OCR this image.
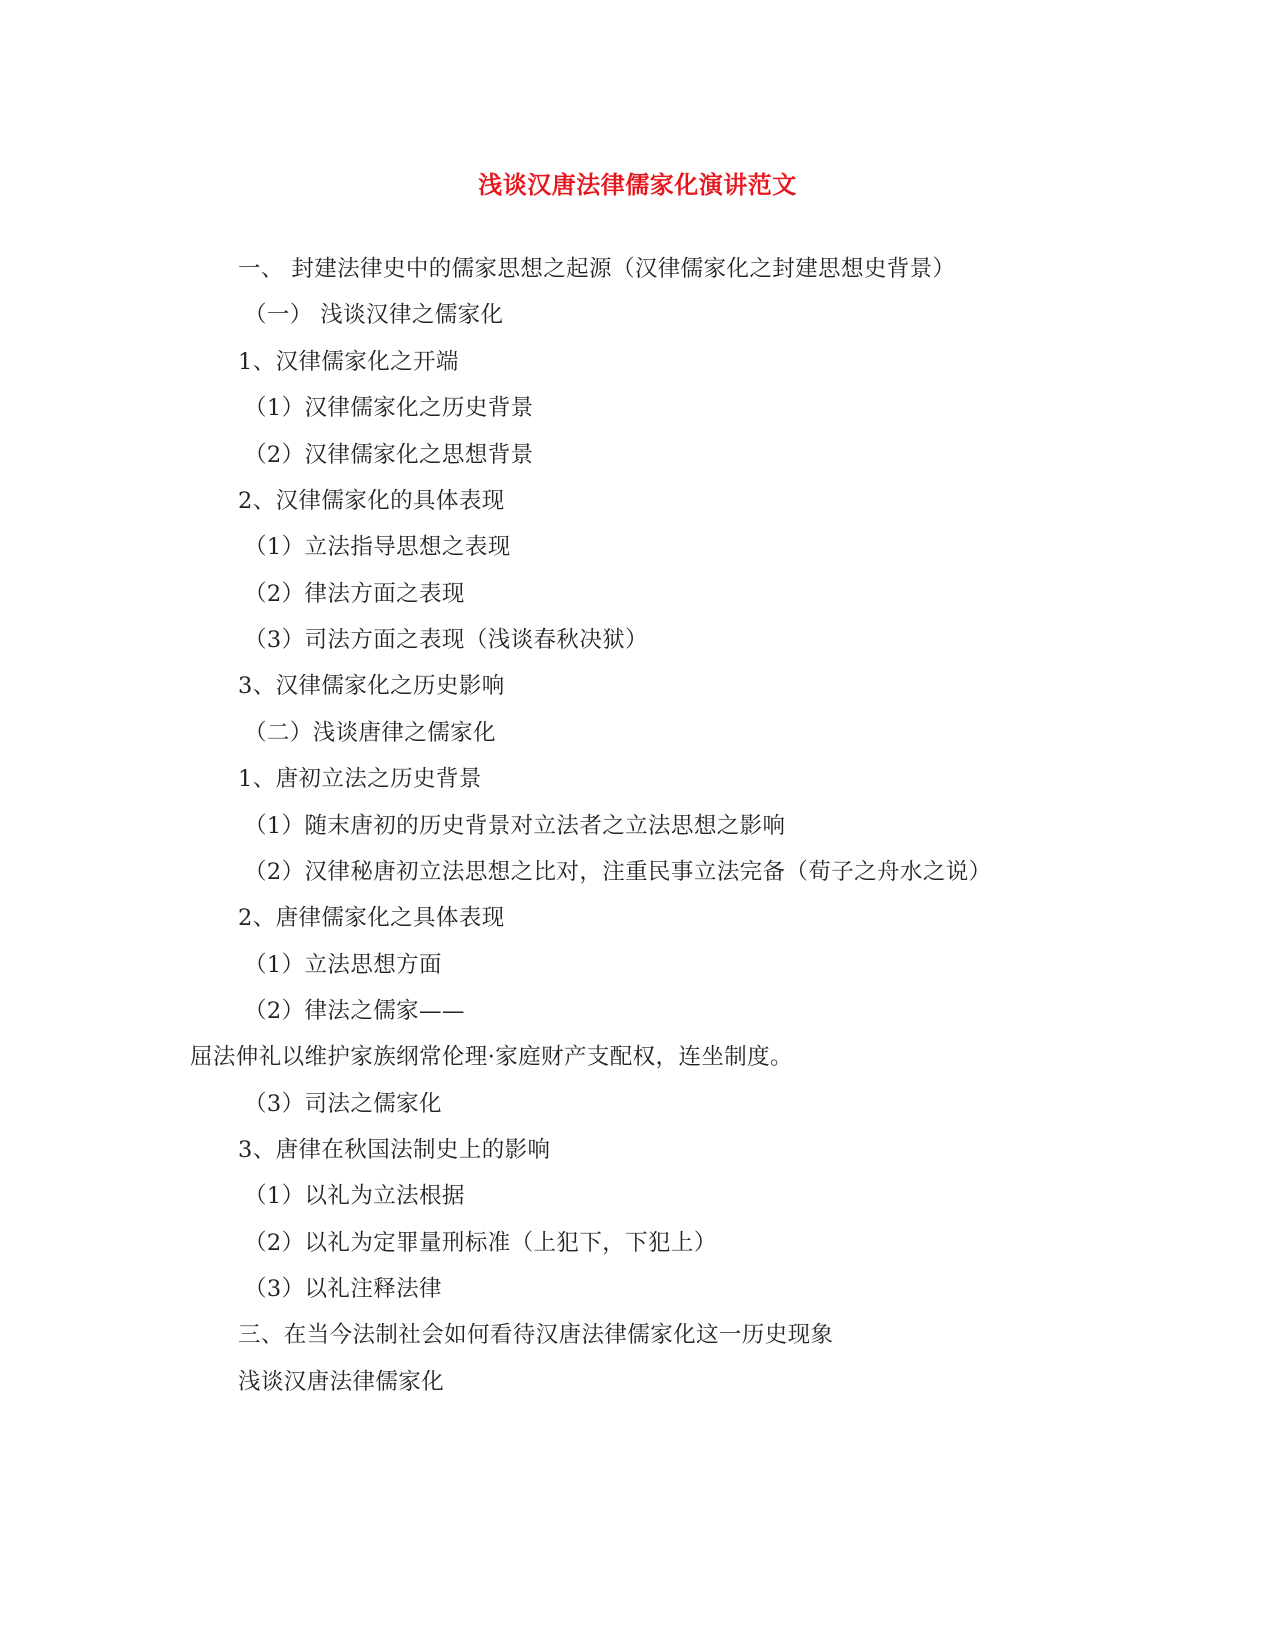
浅谈汉唐法律儒家化演讲范文
一、 封建法律史中的儒家思想之起源（汉律儒家化之封建思想史背景）
（一） 浅谈汉律之儒家化
1、汉律儒家化之开端
（1）汉律儒家化之历史背景
（2）汉律儒家化之思想背景
2、汉律儒家化的具体表现
（1）立法指导思想之表现
（2）律法方面之表现
（3）司法方面之表现（浅谈春秋决狱）
3、汉律儒家化之历史影响
（二）浅谈唐律之儒家化
1、唐初立法之历史背景
（1）随末唐初的历史背景对立法者之立法思想之影响
（2）汉律秘唐初立法思想之比对，注重民事立法完备（荀子之舟水之说）
2、唐律儒家化之具体表现
（1）立法思想方面
（2）律法之儒家——
屈法伸礼以维护家族纲常伦理·家庭财产支配权，连坐制度。
（3）司法之儒家化
3、唐律在秋国法制史上的影响
（1）以礼为立法根据
（2）以礼为定罪量刑标准（上犯下，下犯上）
（3）以礼注释法律
三、在当今法制社会如何看待汉唐法律儒家化这一历史现象
浅谈汉唐法律儒家化
